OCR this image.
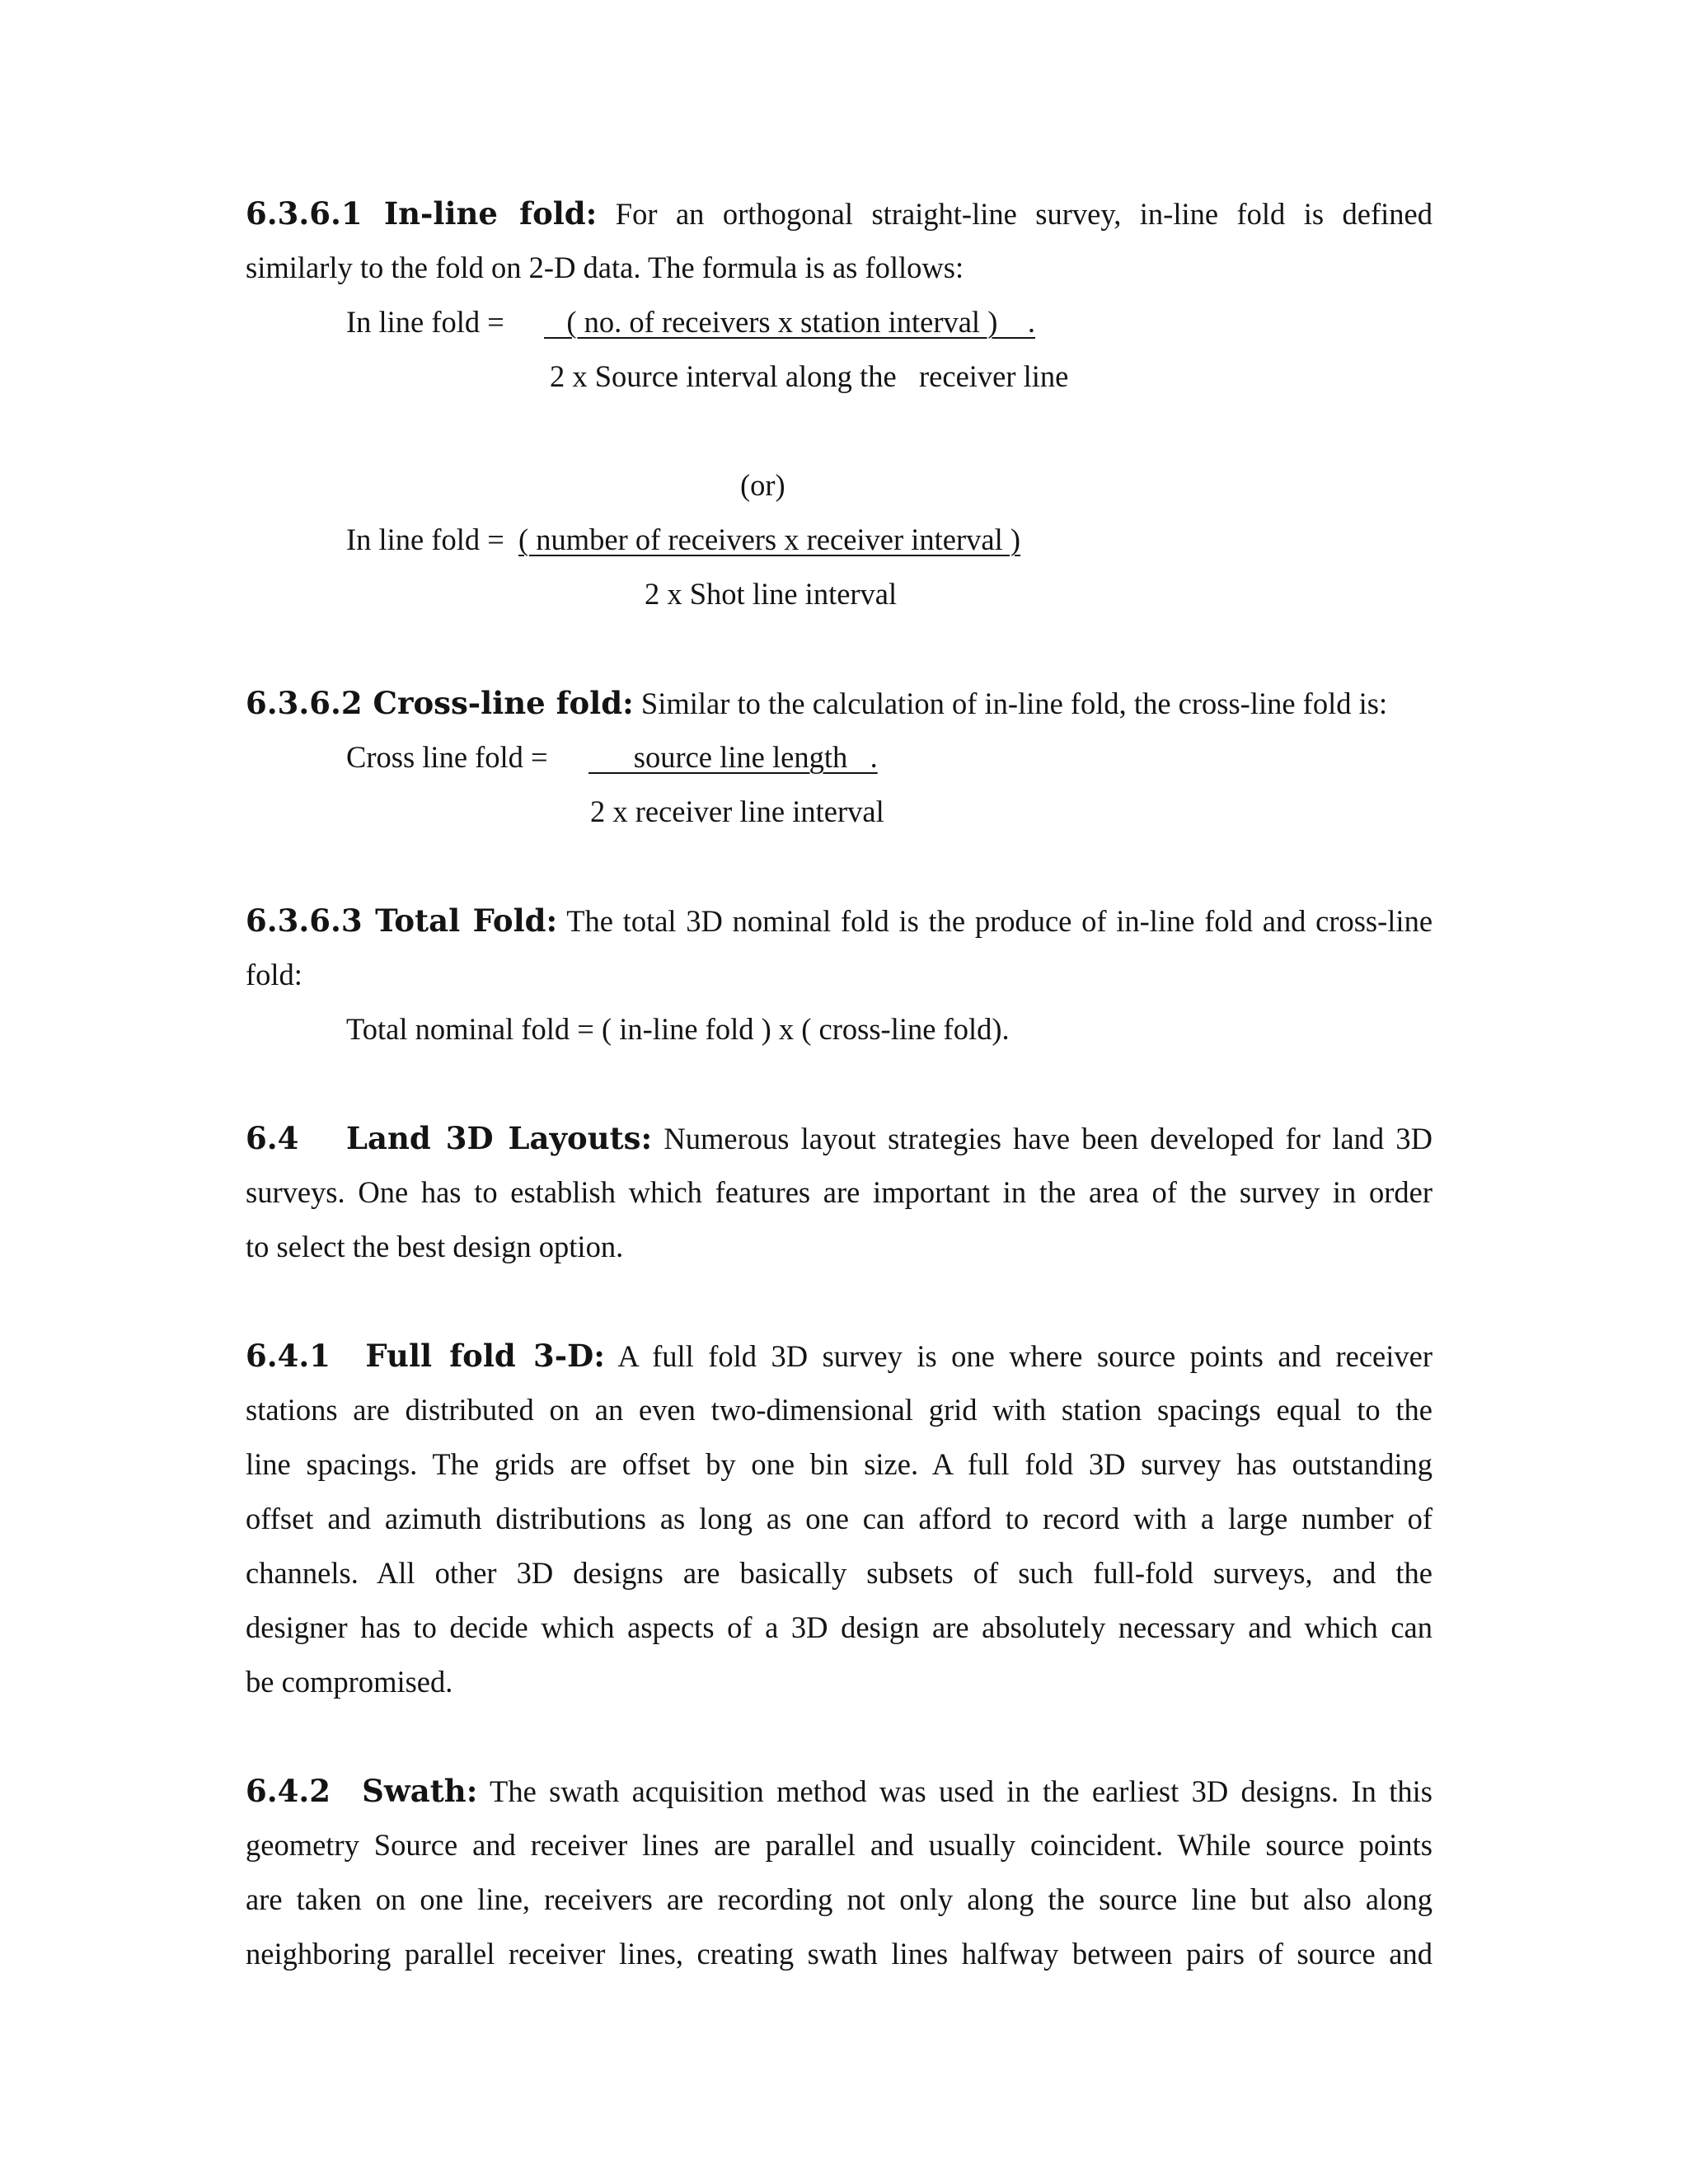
6.3.6.1 In-line fold: For an orthogonal straight-line survey, in-line fold is defined
similarly to the fold on 2-D data. The formula is as follows:
In line fold = ( no. of receivers x station interval )    .
2 x Source interval along the   receiver line
(or)
In line fold = ( number of receivers x receiver interval )
2 x Shot line interval
6.3.6.2 Cross-line fold: Similar to the calculation of in-line fold, the cross-line fold is:
Cross line fold = source line length   .
2 x receiver line interval
6.3.6.3 Total Fold: The total 3D nominal fold is the produce of in-line fold and cross-line
fold:
Total nominal fold = ( in-line fold ) x ( cross-line fold).
6.4 Land 3D Layouts: Numerous layout strategies have been developed for land 3D
surveys. One has to establish which features are important in the area of the survey in order
to select the best design option.
6.4.1  Full fold 3-D: A full fold 3D survey is one where source points and receiver
stations are distributed on an even two-dimensional grid with station spacings equal to the
line spacings. The grids are offset by one bin size. A full fold 3D survey has outstanding
offset and azimuth distributions as long as one can afford to record with a large number of
channels. All other 3D designs are basically subsets of such full-fold surveys, and the
designer has to decide which aspects of a 3D design are absolutely necessary and which can
be compromised.
6.4.2  Swath: The swath acquisition method was used in the earliest 3D designs. In this
geometry Source and receiver lines are parallel and usually coincident. While source points
are taken on one line, receivers are recording not only along the source line but also along
neighboring parallel receiver lines, creating swath lines halfway between pairs of source and
